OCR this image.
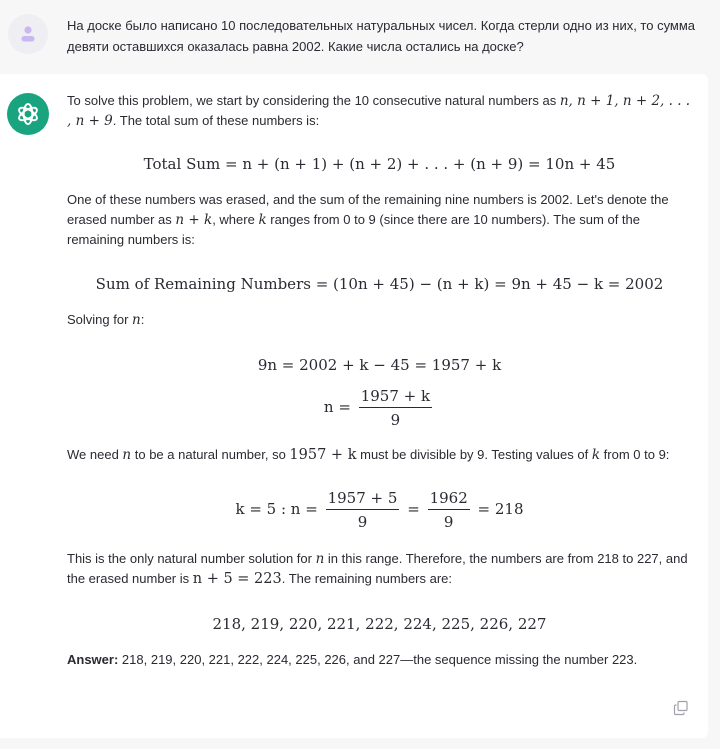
На доске было написано 10 последовательных натуральных чисел. Когда стерли одно из них, то сумма девяти оставшихся оказалась равна 2002. Какие числа остались на доске?

To solve this problem, we start by considering the 10 consecutive natural numbers as n, n + 1, n + 2, . . . , n + 9. The total sum of these numbers is:

Total Sum = n + (n + 1) + (n + 2) + . . . + (n + 9) = 10n + 45

One of these numbers was erased, and the sum of the remaining nine numbers is 2002. Let's denote the erased number as n + k, where k ranges from 0 to 9 (since there are 10 numbers). The sum of the remaining numbers is:

Sum of Remaining Numbers = (10n + 45) − (n + k) = 9n + 45 − k = 2002

Solving for n:

9n = 2002 + k − 45 = 1957 + k
$n = \frac{1957 + k}{9}$

We need n to be a natural number, so 1957 + k must be divisible by 9. Testing values of k from 0 to 9:

k = 5 : $n = \frac{1957 + 5}{9} = \frac{1962}{9} = 218$

This is the only natural number solution for n in this range. Therefore, the numbers are from 218 to 227, and the erased number is n + 5 = 223. The remaining numbers are:

218, 219, 220, 221, 222, 224, 225, 226, 227

Answer: 218, 219, 220, 221, 222, 224, 225, 226, and 227—the sequence missing the number 223.
